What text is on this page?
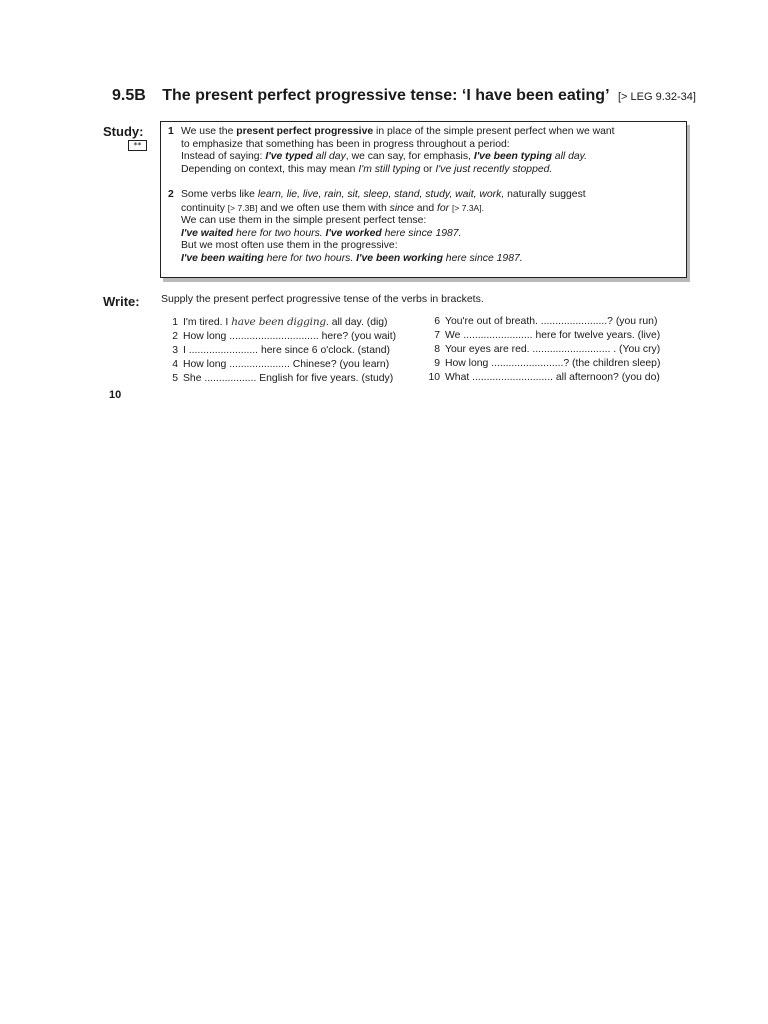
9.5B The present perfect progressive tense: ‘I have been eating’ [> LEG 9.32-34]
Study:
**
1 We use the present perfect progressive in place of the simple present perfect when we want

to emphasize that something has been in progress throughout a period:

Instead of saying: I've typed all day, we can say, for emphasis, I've been typing all day.

Depending on context, this may mean I'm still typing or I've just recently stopped.

2 Some verbs like learn, lie, live, rain, sit, sleep, stand, study, wait, work, naturally suggest

continuity [> 7.3B] and we often use them with since and for [> 7.3A].

We can use them in the simple present perfect tense:

I've waited here for two hours. I've worked here since 1987.

But we most often use them in the progressive:

I've been waiting here for two hours. I've been working here since 1987.

Write: Supply the present perfect progressive tense of the verbs in brackets.
1 I'm tired. I have been digging. all day. (dig)
2 How long ............................... here? (you wait)
3 I ........................ here since 6 o'clock. (stand)
4 How long ..................... Chinese? (you learn)
5 She .................. English for five years. (study)
6 You're out of breath. .......................? (you run)
7 We ........................ here for twelve years. (live)
8 Your eyes are red. ........................... . (You cry)
9 How long .........................? (the children sleep)
10 What ............................ all afternoon? (you do)
10
